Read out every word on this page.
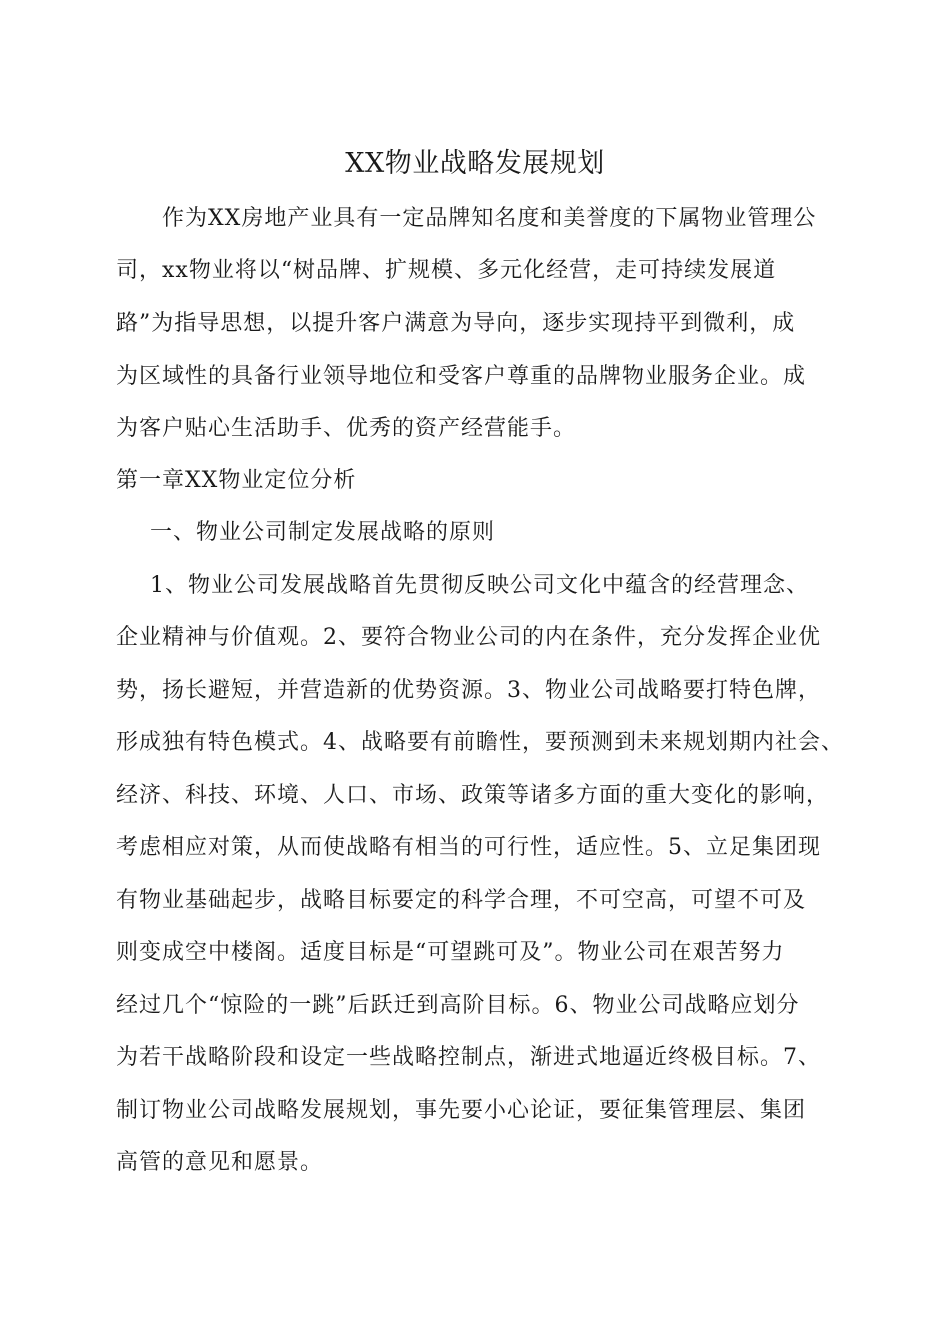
XX物业战略发展规划
作为XX房地产业具有一定品牌知名度和美誉度的下属物业管理公
司，xx物业将以“树品牌、扩规模、多元化经营，走可持续发展道
路”为指导思想，以提升客户满意为导向，逐步实现持平到微利，成
为区域性的具备行业领导地位和受客户尊重的品牌物业服务企业。成
为客户贴心生活助手、优秀的资产经营能手。
第一章XX物业定位分析
一、物业公司制定发展战略的原则
1、物业公司发展战略首先贯彻反映公司文化中蕴含的经营理念、
企业精神与价值观。2、要符合物业公司的内在条件，充分发挥企业优
势，扬长避短，并营造新的优势资源。3、物业公司战略要打特色牌，
形成独有特色模式。4、战略要有前瞻性，要预测到未来规划期内社会、
经济、科技、环境、人口、市场、政策等诸多方面的重大变化的影响，
考虑相应对策，从而使战略有相当的可行性，适应性。5、立足集团现
有物业基础起步，战略目标要定的科学合理，不可空高，可望不可及
则变成空中楼阁。适度目标是“可望跳可及”。物业公司在艰苦努力
经过几个“惊险的一跳”后跃迁到高阶目标。6、物业公司战略应划分
为若干战略阶段和设定一些战略控制点，渐进式地逼近终极目标。7、
制订物业公司战略发展规划，事先要小心论证，要征集管理层、集团
高管的意见和愿景。
